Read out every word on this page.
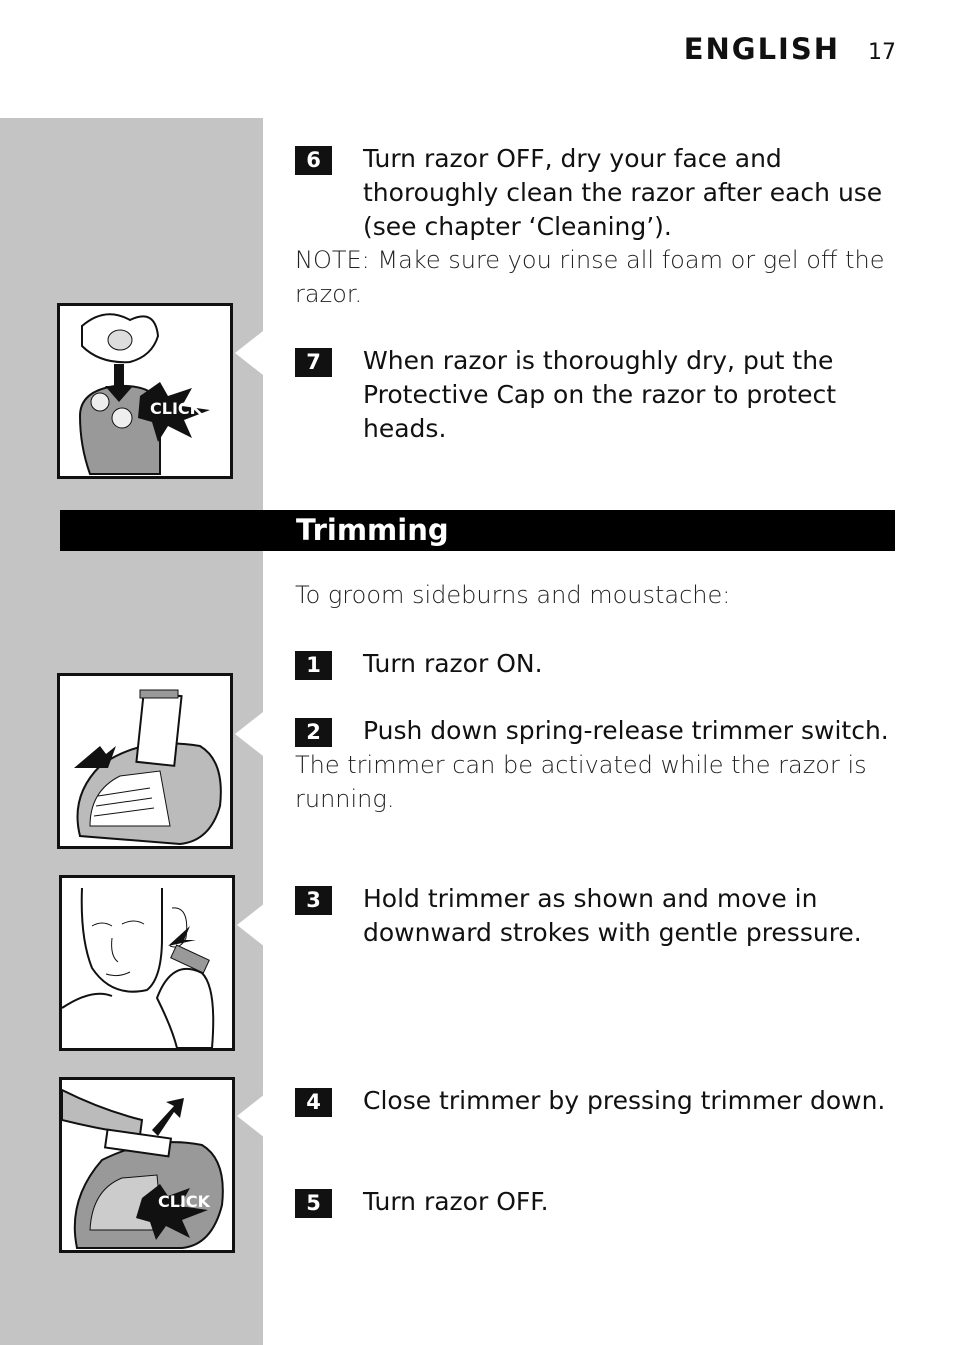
ENGLISH 17
6	Turn razor OFF, dry your face and thoroughly clean the razor after each use (see chapter ‘Cleaning’).
NOTE: Make sure you rinse all foam or gel off the razor.
CLICK
7	When razor is thoroughly dry, put the Protective Cap on the razor to protect heads.
Trimming
To groom sideburns and moustache:
1	Turn razor ON.
2	Push down spring-release trimmer switch.
The trimmer can be activated while the razor is running.
3	Hold trimmer as shown and move in downward strokes with gentle pressure.
CLICK
4	Close trimmer by pressing trimmer down.
5	Turn razor OFF.
